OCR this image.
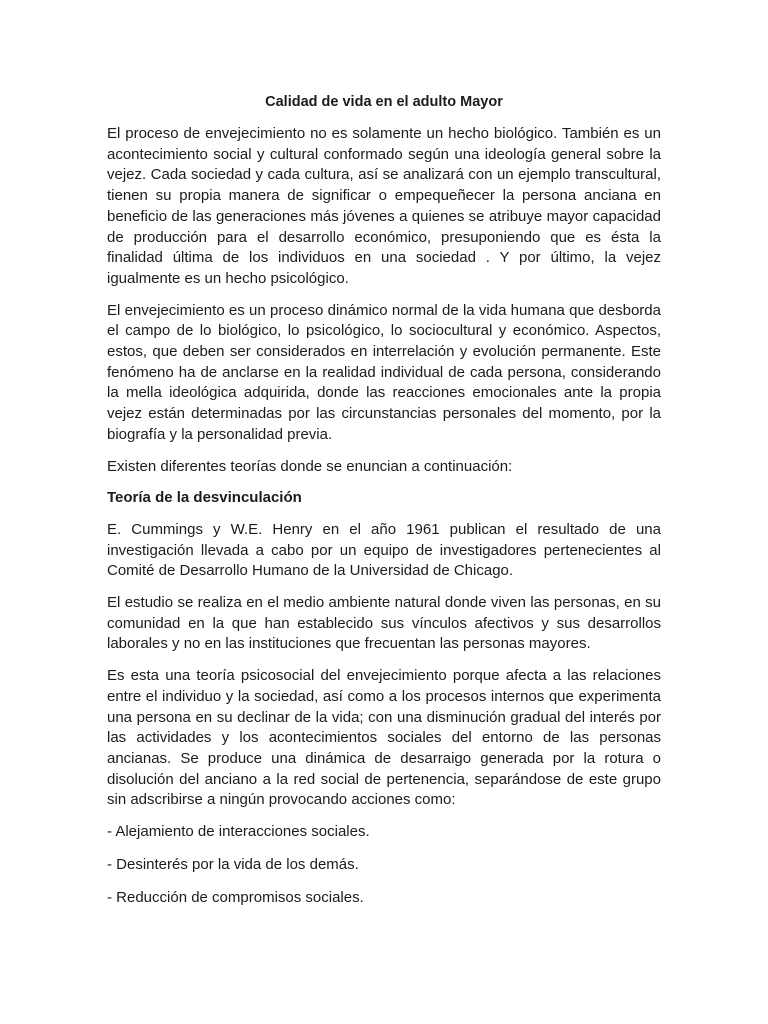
Calidad de vida en el adulto Mayor

El proceso de envejecimiento no es solamente un hecho biológico. También es un acontecimiento social y cultural conformado según una ideología general sobre la vejez. Cada sociedad y cada cultura, así se analizará con un ejemplo transcultural, tienen su propia manera de significar o empequeñecer la persona anciana en beneficio de las generaciones más jóvenes a quienes se atribuye mayor capacidad de producción para el desarrollo económico, presuponiendo que es ésta la finalidad última de los individuos en una sociedad . Y por último, la vejez igualmente es un hecho psicológico.

El envejecimiento es un proceso dinámico normal de la vida humana que desborda el campo de lo biológico, lo psicológico, lo sociocultural y económico. Aspectos, estos, que deben ser considerados en interrelación y evolución permanente. Este fenómeno ha de anclarse en la realidad individual de cada persona, considerando la mella ideológica adquirida, donde las reacciones emocionales ante la propia vejez están determinadas por las circunstancias personales del momento, por la biografía y la personalidad previa.

Existen diferentes teorías donde se enuncian a continuación:

Teoría de la desvinculación

E. Cummings y W.E. Henry en el año 1961 publican el resultado de una investigación llevada a cabo por un equipo de investigadores pertenecientes al Comité de Desarrollo Humano de la Universidad de Chicago.

El estudio se realiza en el medio ambiente natural donde viven las personas, en su comunidad en la que han establecido sus vínculos afectivos y sus desarrollos laborales y no en las instituciones que frecuentan las personas mayores.

Es esta una teoría psicosocial del envejecimiento porque afecta a las relaciones entre el individuo y la sociedad, así como a los procesos internos que experimenta una persona en su declinar de la vida; con una disminución gradual del interés por las actividades y los acontecimientos sociales del entorno de las personas ancianas. Se produce una dinámica de desarraigo generada por la rotura o disolución del anciano a la red social de pertenencia, separándose de este grupo sin adscribirse a ningún provocando acciones como:

- Alejamiento de interacciones sociales.
- Desinterés por la vida de los demás.
- Reducción de compromisos sociales.
